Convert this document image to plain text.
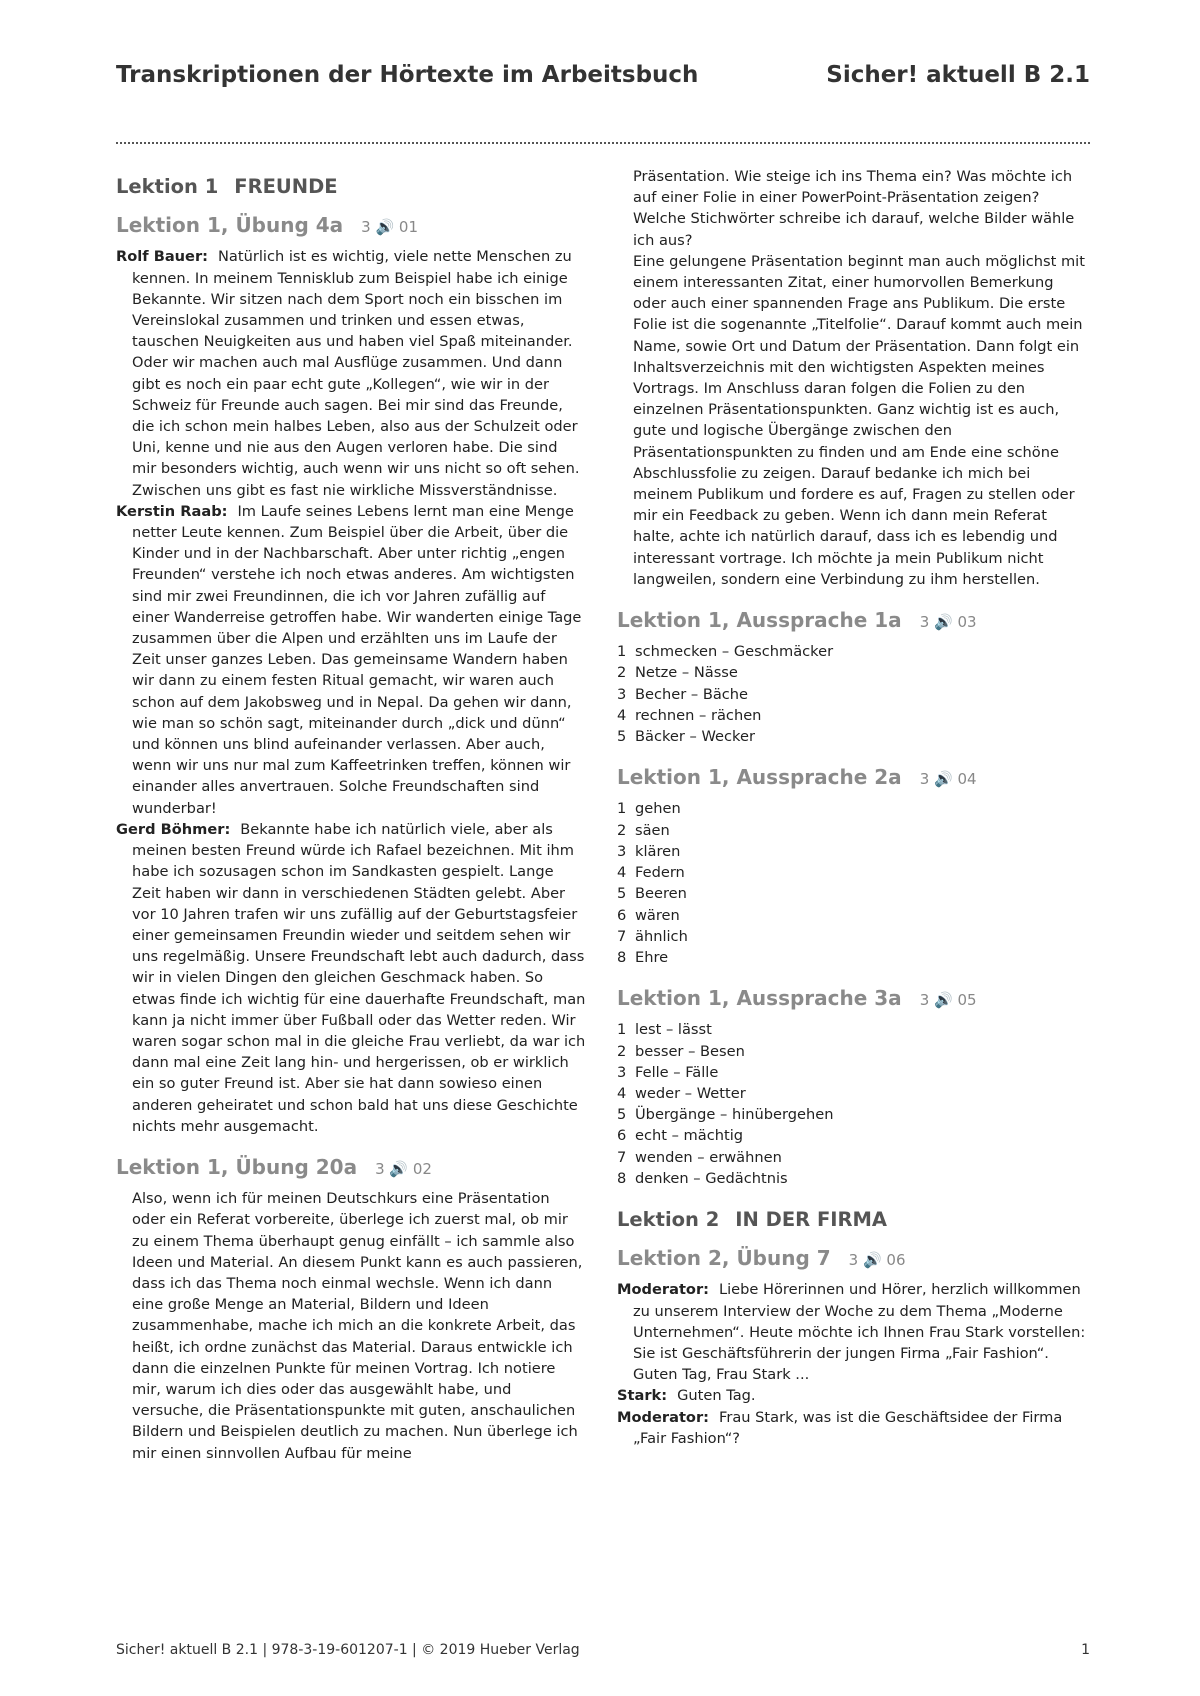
Transkriptionen der Hörtexte im Arbeitsbuch	Sicher! aktuell B 2.1
Lektion 1 FREUNDE
Lektion 1, Übung 4a 3 🔊 01

Rolf Bauer: Natürlich ist es wichtig, viele nette Menschen zu kennen. In meinem Tennisklub zum Beispiel habe ich einige Bekannte. Wir sitzen nach dem Sport noch ein bisschen im Vereinslokal zusammen und trinken und essen etwas, tauschen Neuigkeiten aus und haben viel Spaß miteinander. Oder wir machen auch mal Ausflüge zusammen. Und dann gibt es noch ein paar echt gute „Kollegen“, wie wir in der Schweiz für Freunde auch sagen. Bei mir sind das Freunde, die ich schon mein halbes Leben, also aus der Schulzeit oder Uni, kenne und nie aus den Augen verloren habe. Die sind mir besonders wichtig, auch wenn wir uns nicht so oft sehen. Zwischen uns gibt es fast nie wirkliche Missverständnisse.

Kerstin Raab: Im Laufe seines Lebens lernt man eine Menge netter Leute kennen. Zum Beispiel über die Arbeit, über die Kinder und in der Nachbarschaft. Aber unter richtig „engen Freunden“ verstehe ich noch etwas anderes. Am wichtigsten sind mir zwei Freundinnen, die ich vor Jahren zufällig auf einer Wanderreise getroffen habe. Wir wanderten einige Tage zusammen über die Alpen und erzählten uns im Laufe der Zeit unser ganzes Leben. Das gemeinsame Wandern haben wir dann zu einem festen Ritual gemacht, wir waren auch schon auf dem Jakobsweg und in Nepal. Da gehen wir dann, wie man so schön sagt, miteinander durch „dick und dünn“ und können uns blind aufeinander verlassen. Aber auch, wenn wir uns nur mal zum Kaffeetrinken treffen, können wir einander alles anvertrauen. Solche Freundschaften sind wunderbar!

Gerd Böhmer: Bekannte habe ich natürlich viele, aber als meinen besten Freund würde ich Rafael bezeichnen. Mit ihm habe ich sozusagen schon im Sandkasten gespielt. Lange Zeit haben wir dann in verschiedenen Städten gelebt. Aber vor 10 Jahren trafen wir uns zufällig auf der Geburtstagsfeier einer gemeinsamen Freundin wieder und seitdem sehen wir uns regelmäßig. Unsere Freundschaft lebt auch dadurch, dass wir in vielen Dingen den gleichen Geschmack haben. So etwas finde ich wichtig für eine dauerhafte Freundschaft, man kann ja nicht immer über Fußball oder das Wetter reden. Wir waren sogar schon mal in die gleiche Frau verliebt, da war ich dann mal eine Zeit lang hin- und hergerissen, ob er wirklich ein so guter Freund ist. Aber sie hat dann sowieso einen anderen geheiratet und schon bald hat uns diese Geschichte nichts mehr ausgemacht.

Lektion 1, Übung 20a 3 🔊 02

Also, wenn ich für meinen Deutschkurs eine Präsentation oder ein Referat vorbereite, überlege ich zuerst mal, ob mir zu einem Thema überhaupt genug einfällt – ich sammle also Ideen und Material. An diesem Punkt kann es auch passieren, dass ich das Thema noch einmal wechsle. Wenn ich dann eine große Menge an Material, Bildern und Ideen zusammenhabe, mache ich mich an die konkrete Arbeit, das heißt, ich ordne zunächst das Material. Daraus entwickle ich dann die einzelnen Punkte für meinen Vortrag. Ich notiere mir, warum ich dies oder das ausgewählt habe, und versuche, die Präsentationspunkte mit guten, anschaulichen Bildern und Beispielen deutlich zu machen. Nun überlege ich mir einen sinnvollen Aufbau für meine

Präsentation. Wie steige ich ins Thema ein? Was möchte ich auf einer Folie in einer PowerPoint-Präsentation zeigen? Welche Stichwörter schreibe ich darauf, welche Bilder wähle ich aus?

Eine gelungene Präsentation beginnt man auch möglichst mit einem interessanten Zitat, einer humorvollen Bemerkung oder auch einer spannenden Frage ans Publikum. Die erste Folie ist die sogenannte „Titelfolie“. Darauf kommt auch mein Name, sowie Ort und Datum der Präsentation. Dann folgt ein Inhaltsverzeichnis mit den wichtigsten Aspekten meines Vortrags. Im Anschluss daran folgen die Folien zu den einzelnen Präsentationspunkten. Ganz wichtig ist es auch, gute und logische Übergänge zwischen den Präsentationspunkten zu finden und am Ende eine schöne Abschlussfolie zu zeigen. Darauf bedanke ich mich bei meinem Publikum und fordere es auf, Fragen zu stellen oder mir ein Feedback zu geben. Wenn ich dann mein Referat halte, achte ich natürlich darauf, dass ich es lebendig und interessant vortrage. Ich möchte ja mein Publikum nicht langweilen, sondern eine Verbindung zu ihm herstellen.

Lektion 1, Aussprache 1a 3 🔊 03
1 schmecken – Geschmäcker
2 Netze – Nässe
3 Becher – Bäche
4 rechnen – rächen
5 Bäcker – Wecker
Lektion 1, Aussprache 2a 3 🔊 04
1 gehen
2 säen
3 klären
4 Federn
5 Beeren
6 wären
7 ähnlich
8 Ehre
Lektion 1, Aussprache 3a 3 🔊 05
1 lest – lässt
2 besser – Besen
3 Felle – Fälle
4 weder – Wetter
5 Übergänge – hinübergehen
6 echt – mächtig
7 wenden – erwähnen
8 denken – Gedächtnis
Lektion 2 IN DER FIRMA
Lektion 2, Übung 7 3 🔊 06

Moderator: Liebe Hörerinnen und Hörer, herzlich willkommen zu unserem Interview der Woche zu dem Thema „Moderne Unternehmen“. Heute möchte ich Ihnen Frau Stark vorstellen: Sie ist Geschäftsführerin der jungen Firma „Fair Fashion“. Guten Tag, Frau Stark ...

Stark: Guten Tag.

Moderator: Frau Stark, was ist die Geschäftsidee der Firma „Fair Fashion“?

Sicher! aktuell B 2.1 | 978-3-19-601207-1 | © 2019 Hueber Verlag	1
